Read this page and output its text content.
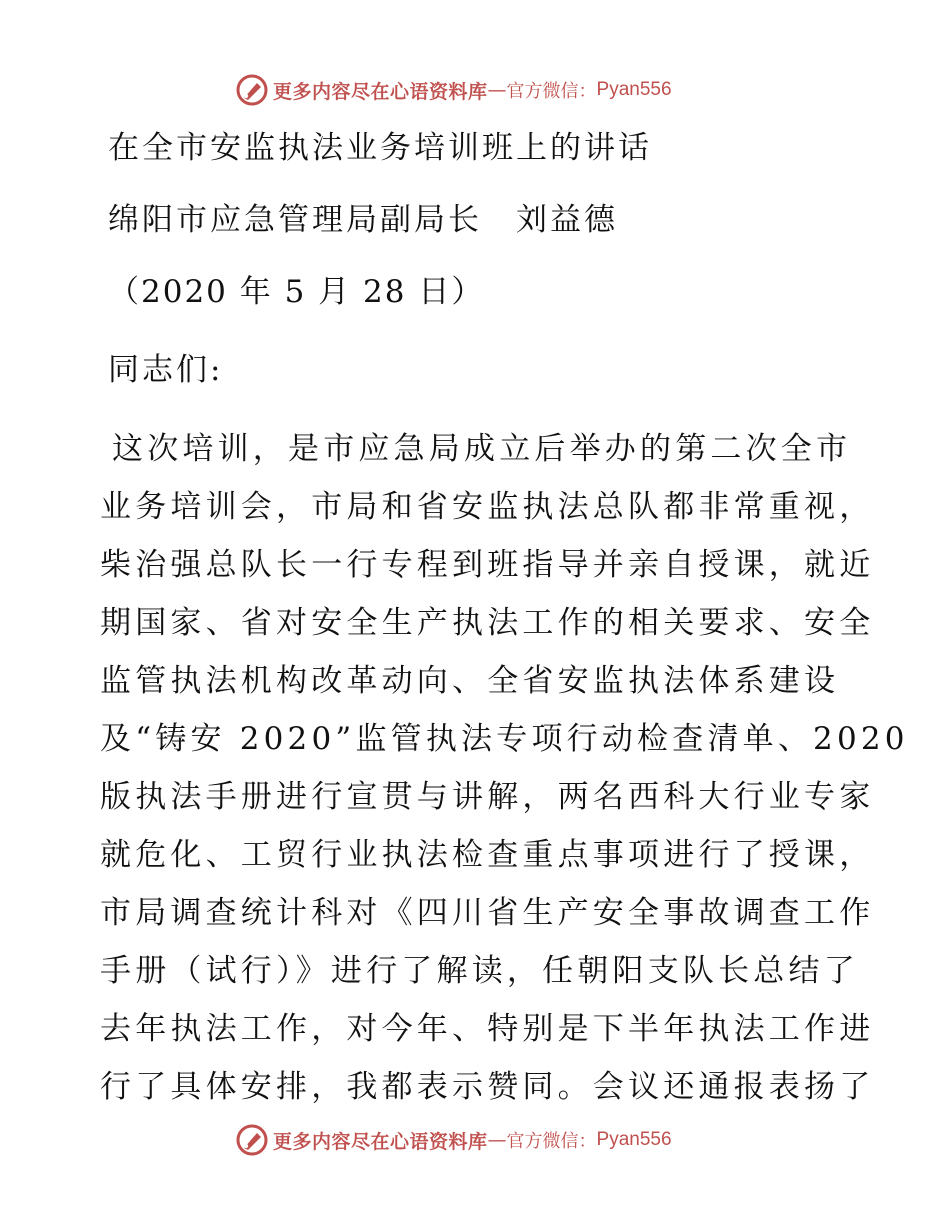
更多内容尽在心语资料库 — 官方微信： Pyan556
在全市安监执法业务培训班上的讲话
绵阳市应急管理局副局长　刘益德
（2020 年 5 月 28 日）
同志们:
这次培训，是市应急局成立后举办的第二次全市
业务培训会，市局和省安监执法总队都非常重视，
柴治强总队长一行专程到班指导并亲自授课，就近
期国家、省对安全生产执法工作的相关要求、安全
监管执法机构改革动向、全省安监执法体系建设
及“铸安 2020”监管执法专项行动检查清单、2020
版执法手册进行宣贯与讲解，两名西科大行业专家
就危化、工贸行业执法检查重点事项进行了授课，
市局调查统计科对《四川省生产安全事故调查工作
手册（试行）》进行了解读，任朝阳支队长总结了
去年执法工作，对今年、特别是下半年执法工作进
行了具体安排，我都表示赞同。会议还通报表扬了
更多内容尽在心语资料库 — 官方微信： Pyan556
